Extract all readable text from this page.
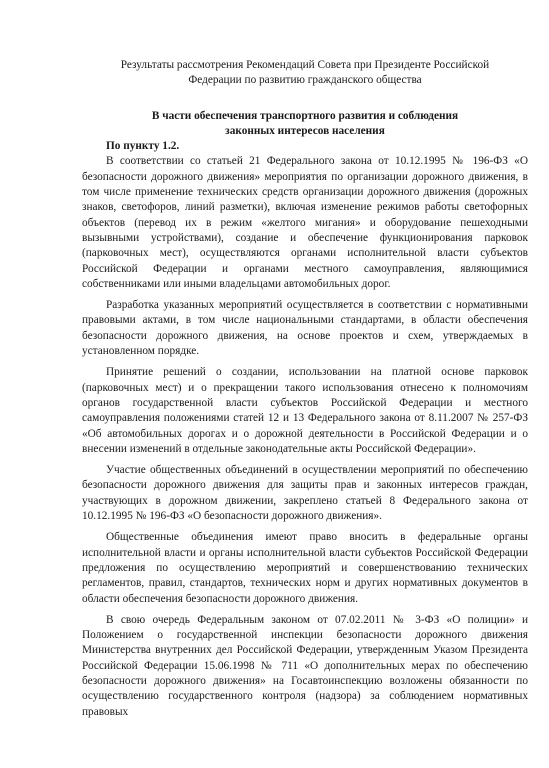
Результаты рассмотрения Рекомендаций Совета при Президенте Российской
Федерации по развитию гражданского общества
В части обеспечения транспортного развития и соблюдения
законных интересов населения

По пункту 1.2.

В соответствии со статьей 21 Федерального закона от 10.12.1995 № 196-ФЗ «О безопасности дорожного движения» мероприятия по организации дорожного движения, в том числе применение технических средств организации дорожного движения (дорожных знаков, светофоров, линий разметки), включая изменение режимов работы светофорных объектов (перевод их в режим «желтого мигания» и оборудование пешеходными вызывными устройствами), создание и обеспечение функционирования парковок (парковочных мест), осуществляются органами исполнительной власти субъектов Российской Федерации и органами местного самоуправления, являющимися собственниками или иными владельцами автомобильных дорог.

Разработка указанных мероприятий осуществляется в соответствии с нормативными правовыми актами, в том числе национальными стандартами, в области обеспечения безопасности дорожного движения, на основе проектов и схем, утверждаемых в установленном порядке.

Принятие решений о создании, использовании на платной основе парковок (парковочных мест) и о прекращении такого использования отнесено к полномочиям органов государственной власти субъектов Российской Федерации и местного самоуправления положениями статей 12 и 13 Федерального закона от 8.11.2007 № 257-ФЗ «Об автомобильных дорогах и о дорожной деятельности в Российской Федерации и о внесении изменений в отдельные законодательные акты Российской Федерации».

Участие общественных объединений в осуществлении мероприятий по обеспечению безопасности дорожного движения для защиты прав и законных интересов граждан, участвующих в дорожном движении, закреплено статьей 8 Федерального закона от 10.12.1995 № 196-ФЗ «О безопасности дорожного движения».

Общественные объединения имеют право вносить в федеральные органы исполнительной власти и органы исполнительной власти субъектов Российской Федерации предложения по осуществлению мероприятий и совершенствованию технических регламентов, правил, стандартов, технических норм и других нормативных документов в области обеспечения безопасности дорожного движения.

В свою очередь Федеральным законом от 07.02.2011 № 3-ФЗ «О полиции» и Положением о государственной инспекции безопасности дорожного движения Министерства внутренних дел Российской Федерации, утвержденным Указом Президента Российской Федерации 15.06.1998 № 711 «О дополнительных мерах по обеспечению безопасности дорожного движения» на Госавтоинспекцию возложены обязанности по осуществлению государственного контроля (надзора) за соблюдением нормативных правовых
